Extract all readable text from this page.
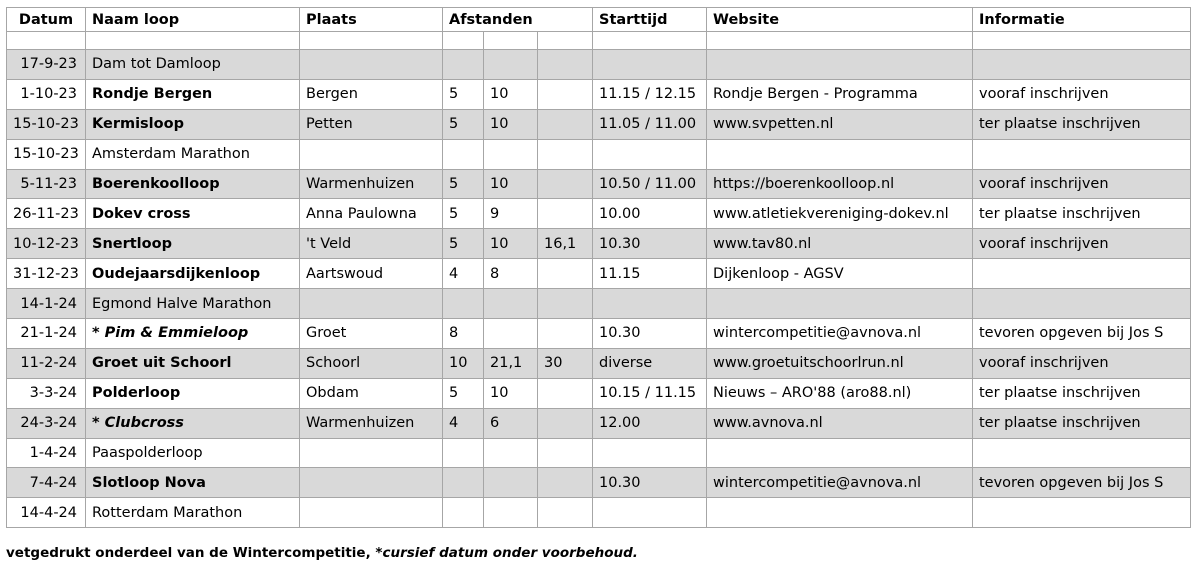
Datum	Naam loop	Plaats	Afstanden			Starttijd	Website	Informatie

17-9-23	Dam tot Damloop							
1-10-23	Rondje Bergen	Bergen	5	10		11.15 / 12.15	Rondje Bergen - Programma	vooraf inschrijven
15-10-23	Kermisloop	Petten	5	10		11.05 / 11.00	www.svpetten.nl	ter plaatse inschrijven
15-10-23	Amsterdam Marathon							
5-11-23	Boerenkoolloop	Warmenhuizen	5	10		10.50 / 11.00	https://boerenkoolloop.nl	vooraf inschrijven
26-11-23	Dokev cross	Anna Paulowna	5	9		10.00	www.atletiekvereniging-dokev.nl	ter plaatse inschrijven
10-12-23	Snertloop	't Veld	5	10	16,1	10.30	www.tav80.nl	vooraf inschrijven
31-12-23	Oudejaarsdijkenloop	Aartswoud	4	8		11.15	Dijkenloop - AGSV	
14-1-24	Egmond Halve Marathon							
21-1-24	* Pim & Emmieloop	Groet	8			10.30	wintercompetitie@avnova.nl	tevoren opgeven bij Jos S
11-2-24	Groet uit Schoorl	Schoorl	10	21,1	30	diverse	www.groetuitschoorlrun.nl	vooraf inschrijven
3-3-24	Polderloop	Obdam	5	10		10.15 / 11.15	Nieuws – ARO'88 (aro88.nl)	ter plaatse inschrijven
24-3-24	* Clubcross	Warmenhuizen	4	6		12.00	www.avnova.nl	ter plaatse inschrijven
1-4-24	Paaspolderloop							
7-4-24	Slotloop Nova					10.30	wintercompetitie@avnova.nl	tevoren opgeven bij Jos S
14-4-24	Rotterdam Marathon							
vetgedrukt onderdeel van de Wintercompetitie, *cursief datum onder voorbehoud.
